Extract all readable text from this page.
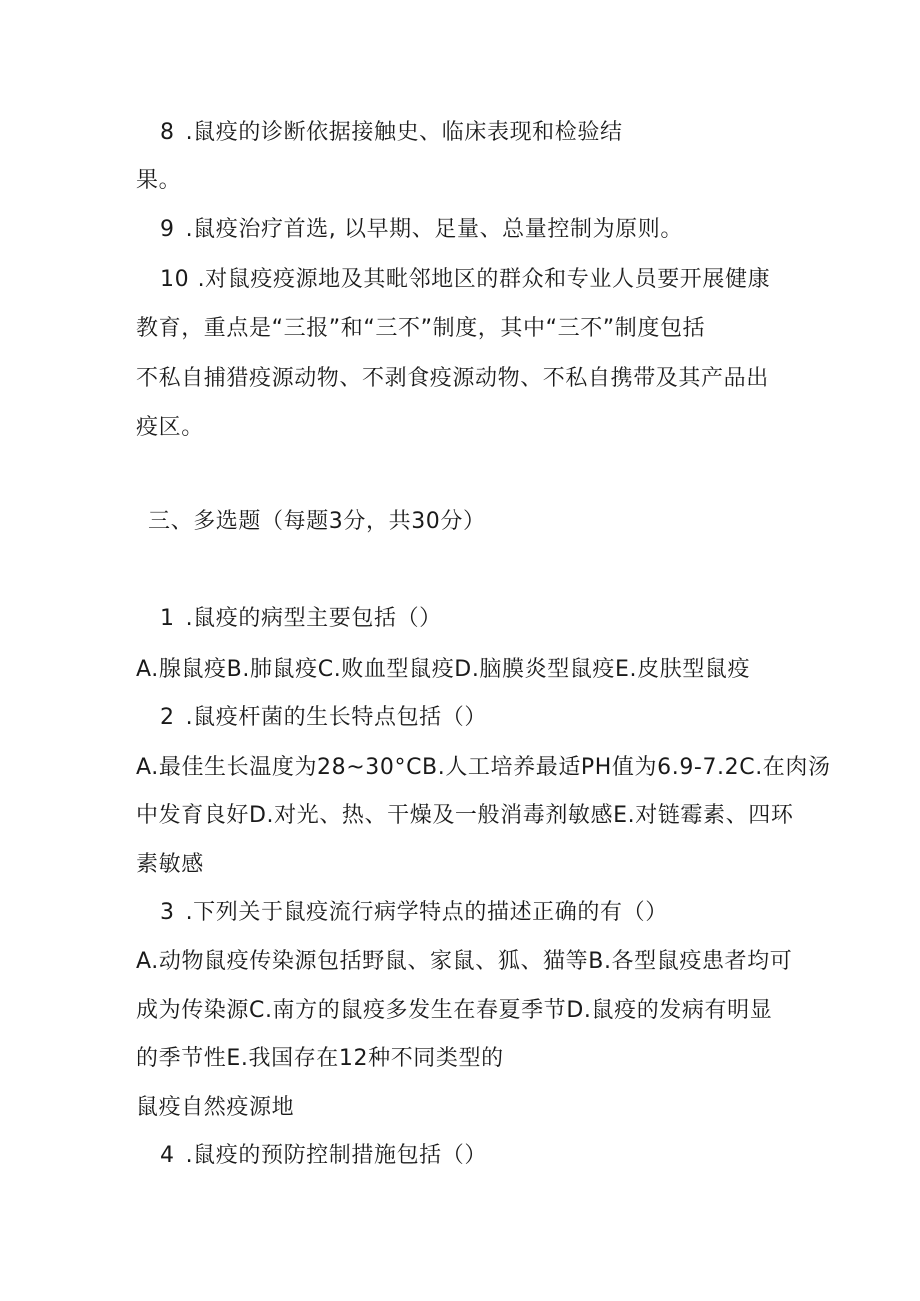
8 .鼠疫的诊断依据接触史、临床表现和检验结
果。
9 .鼠疫治疗首选, 以早期、足量、总量控制为原则。
10 .对鼠疫疫源地及其毗邻地区的群众和专业人员要开展健康
教育，重点是“三报”和“三不”制度，其中“三不”制度包括
不私自捕猎疫源动物、不剥食疫源动物、不私自携带及其产品出
疫区。
三、多选题（每题3分，共30分）
1 .鼠疫的病型主要包括（）
A.腺鼠疫B.肺鼠疫C.败血型鼠疫D.脑膜炎型鼠疫E.皮肤型鼠疫
2 .鼠疫杆菌的生长特点包括（）
A.最佳生长温度为28~30°CB.人工培养最适PH值为6.9-7.2C.在肉汤
中发育良好D.对光、热、干燥及一般消毒剂敏感E.对链霉素、四环
素敏感
3 .下列关于鼠疫流行病学特点的描述正确的有（）
A.动物鼠疫传染源包括野鼠、家鼠、狐、猫等B.各型鼠疫患者均可
成为传染源C.南方的鼠疫多发生在春夏季节D.鼠疫的发病有明显
的季节性E.我国存在12种不同类型的
鼠疫自然疫源地
4 .鼠疫的预防控制措施包括（）
